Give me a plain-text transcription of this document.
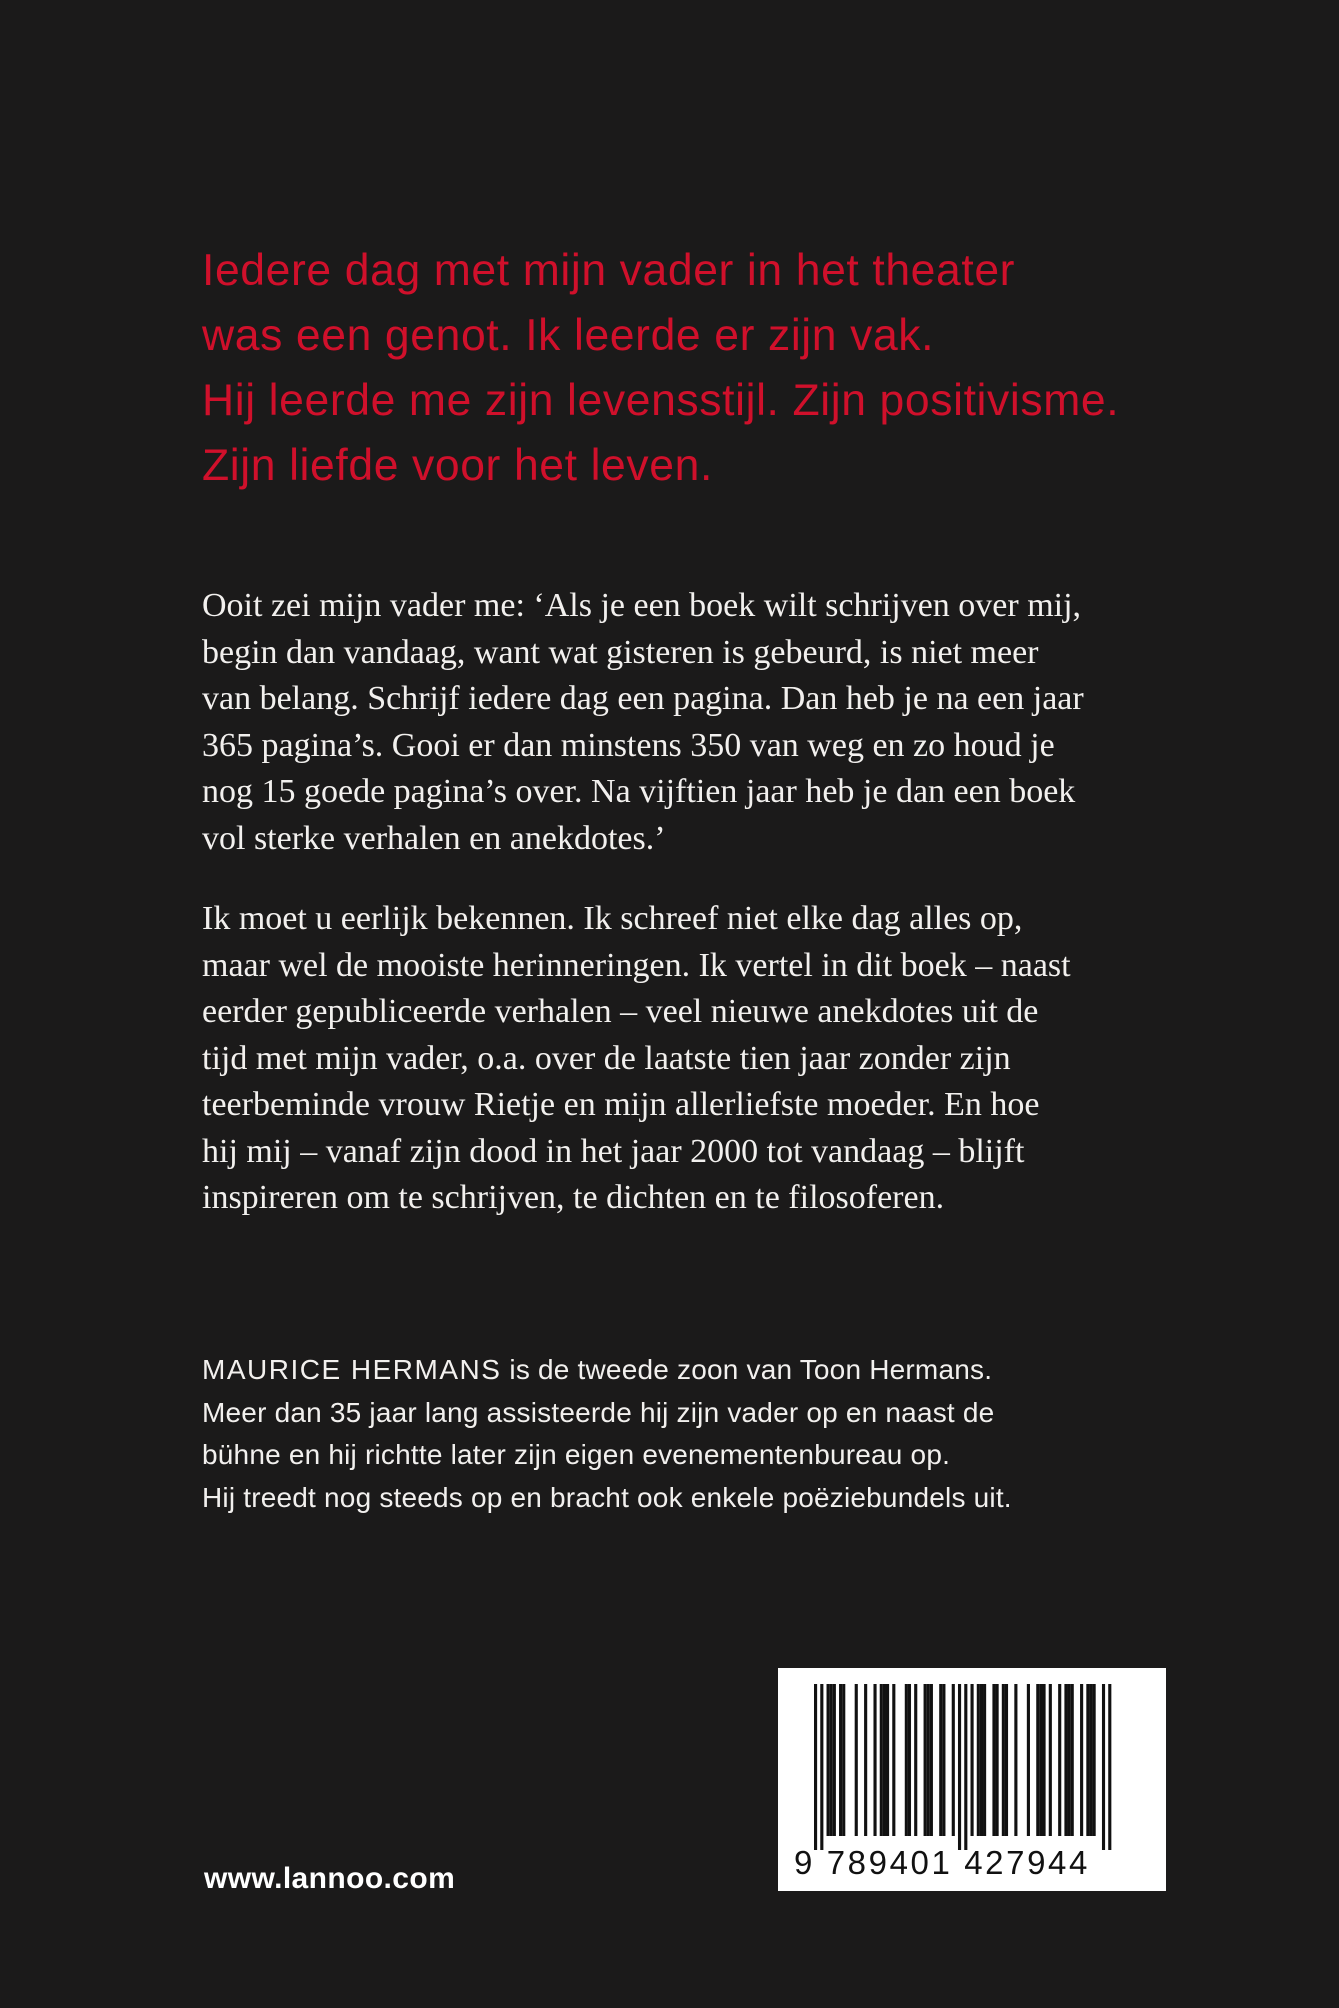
Iedere dag met mijn vader in het theater
was een genot. Ik leerde er zijn vak.
Hij leerde me zijn levensstijl. Zijn positivisme.
Zijn liefde voor het leven.
Ooit zei mijn vader me: ‘Als je een boek wilt schrijven over mij,
begin dan vandaag, want wat gisteren is gebeurd, is niet meer
van belang. Schrijf iedere dag een pagina. Dan heb je na een jaar
365 pagina’s. Gooi er dan minstens 350 van weg en zo houd je
nog 15 goede pagina’s over. Na vijftien jaar heb je dan een boek
vol sterke verhalen en anekdotes.’
Ik moet u eerlijk bekennen. Ik schreef niet elke dag alles op,
maar wel de mooiste herinneringen. Ik vertel in dit boek – naast
eerder gepubliceerde verhalen – veel nieuwe anekdotes uit de
tijd met mijn vader, o.a. over de laatste tien jaar zonder zijn
teerbeminde vrouw Rietje en mijn allerliefste moeder. En hoe
hij mij – vanaf zijn dood in het jaar 2000 tot vandaag – blijft
inspireren om te schrijven, te dichten en te filosoferen.
MAURICE HERMANS is de tweede zoon van Toon Hermans.
Meer dan 35 jaar lang assisteerde hij zijn vader op en naast de
bühne en hij richtte later zijn eigen evenementenbureau op.
Hij treedt nog steeds op en bracht ook enkele poëziebundels uit.
www.lannoo.com	9 789401 427944
